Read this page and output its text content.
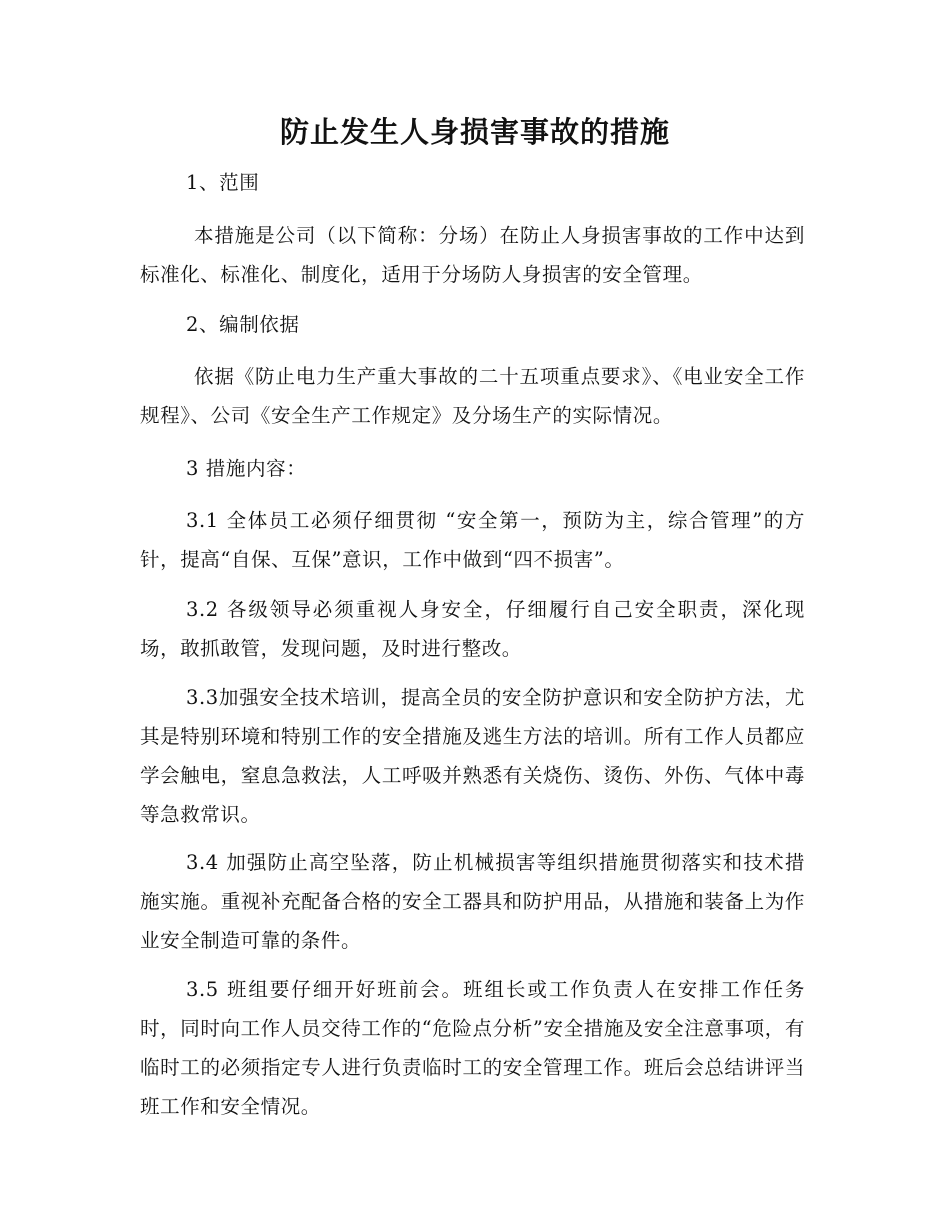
防止发生人身损害事故的措施

1、范围

本措施是公司（以下简称：分场）在防止人身损害事故的工作中达到标准化、标准化、制度化，适用于分场防人身损害的安全管理。

2、编制依据

依据《防止电力生产重大事故的二十五项重点要求》、《电业安全工作规程》、公司《安全生产工作规定》及分场生产的实际情况。

3 措施内容：

3.1 全体员工必须仔细贯彻 “安全第一，预防为主，综合管理”的方针，提高“自保、互保”意识，工作中做到“四不损害”。

3.2 各级领导必须重视人身安全，仔细履行自己安全职责，深化现场，敢抓敢管，发现问题，及时进行整改。

3.3加强安全技术培训，提高全员的安全防护意识和安全防护方法，尤其是特别环境和特别工作的安全措施及逃生方法的培训。所有工作人员都应学会触电，窒息急救法，人工呼吸并熟悉有关烧伤、烫伤、外伤、气体中毒等急救常识。

3.4 加强防止高空坠落，防止机械损害等组织措施贯彻落实和技术措施实施。重视补充配备合格的安全工器具和防护用品，从措施和装备上为作业安全制造可靠的条件。

3.5 班组要仔细开好班前会。班组长或工作负责人在安排工作任务时，同时向工作人员交待工作的“危险点分析”安全措施及安全注意事项，有临时工的必须指定专人进行负责临时工的安全管理工作。班后会总结讲评当班工作和安全情况。
